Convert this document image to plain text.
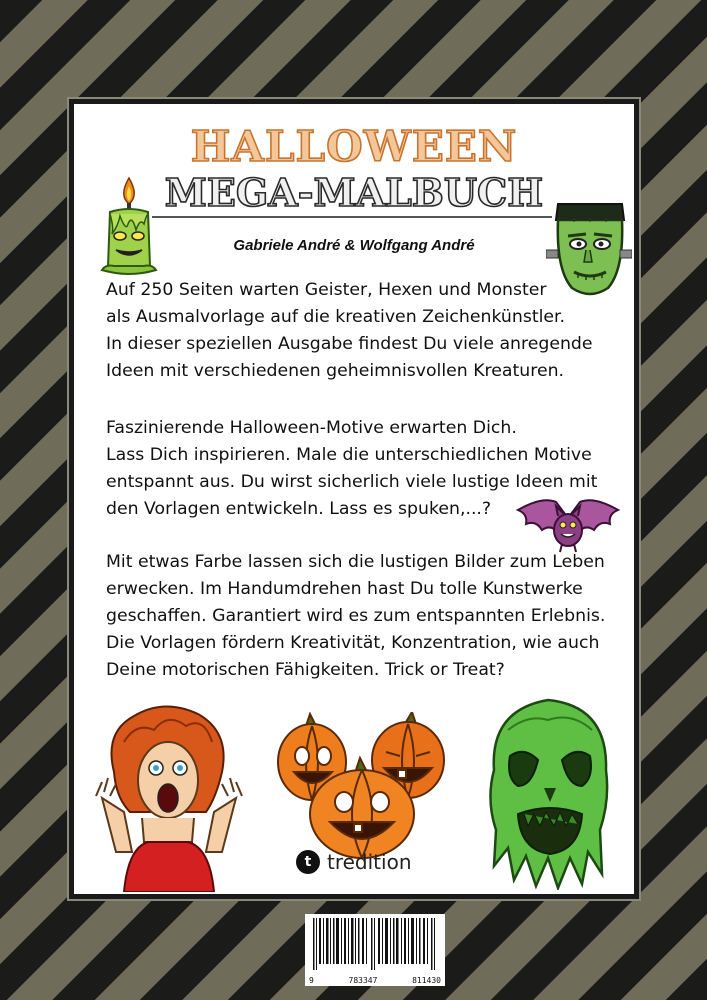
HALLOWEEN
MEGA-MALBUCH
Gabriele André & Wolfgang André

Auf 250 Seiten warten Geister, Hexen und Monster
als Ausmalvorlage auf die kreativen Zeichenkünstler.
In dieser speziellen Ausgabe findest Du viele anregende
Ideen mit verschiedenen geheimnisvollen Kreaturen.

Faszinierende Halloween-Motive erwarten Dich.
Lass Dich inspirieren. Male die unterschiedlichen Motive
entspannt aus. Du wirst sicherlich viele lustige Ideen mit
den Vorlagen entwickeln. Lass es spuken,...?

Mit etwas Farbe lassen sich die lustigen Bilder zum Leben
erwecken. Im Handumdrehen hast Du tolle Kunstwerke
geschaffen. Garantiert wird es zum entspannten Erlebnis.
Die Vorlagen fördern Kreativität, Konzentration, wie auch
Deine motorischen Fähigkeiten. Trick or Treat?

t tredition
9	783347	811430
